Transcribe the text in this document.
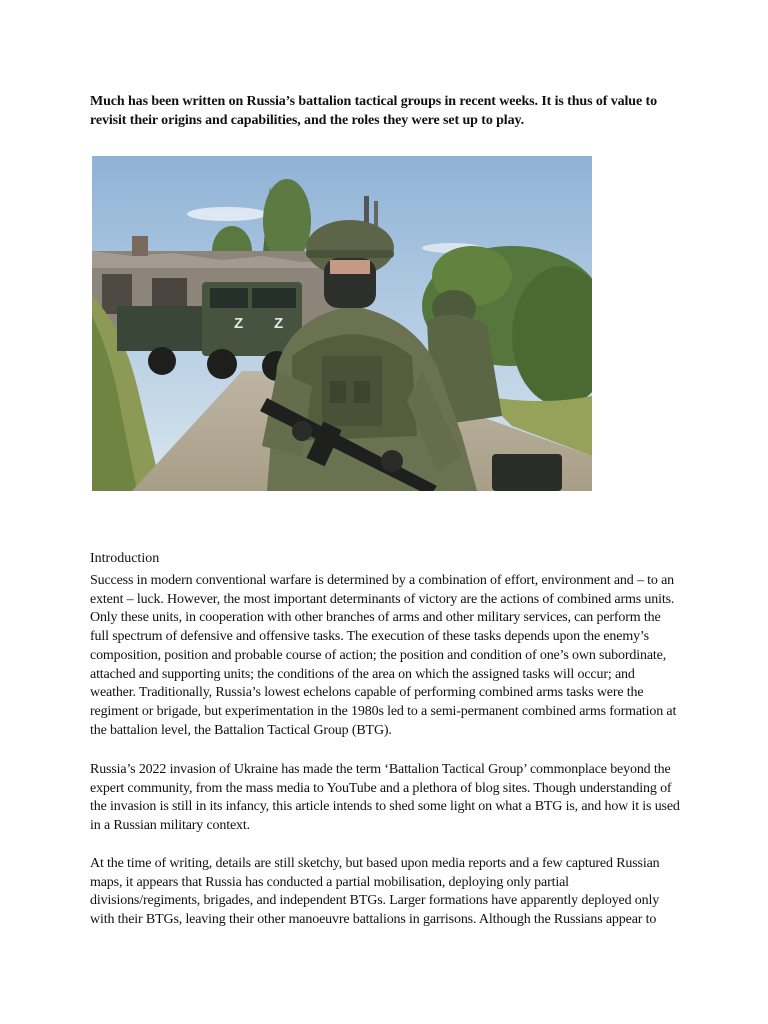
Much has been written on Russia’s battalion tactical groups in recent weeks. It is thus of value to revisit their origins and capabilities, and the roles they were set up to play.

Z Z

Introduction

Success in modern conventional warfare is determined by a combination of effort, environment and – to an extent – luck. However, the most important determinants of victory are the actions of combined arms units. Only these units, in cooperation with other branches of arms and other military services, can perform the full spectrum of defensive and offensive tasks. The execution of these tasks depends upon the enemy’s composition, position and probable course of action; the position and condition of one’s own subordinate, attached and supporting units; the conditions of the area on which the assigned tasks will occur; and weather. Traditionally, Russia’s lowest echelons capable of performing combined arms tasks were the regiment or brigade, but experimentation in the 1980s led to a semi-permanent combined arms formation at the battalion level, the Battalion Tactical Group (BTG).

Russia’s 2022 invasion of Ukraine has made the term ‘Battalion Tactical Group’ commonplace beyond the expert community, from the mass media to YouTube and a plethora of blog sites. Though understanding of the invasion is still in its infancy, this article intends to shed some light on what a BTG is, and how it is used in a Russian military context.

At the time of writing, details are still sketchy, but based upon media reports and a few captured Russian maps, it appears that Russia has conducted a partial mobilisation, deploying only partial divisions/regiments, brigades, and independent BTGs. Larger formations have apparently deployed only with their BTGs, leaving their other manoeuvre battalions in garrisons. Although the Russians appear to
